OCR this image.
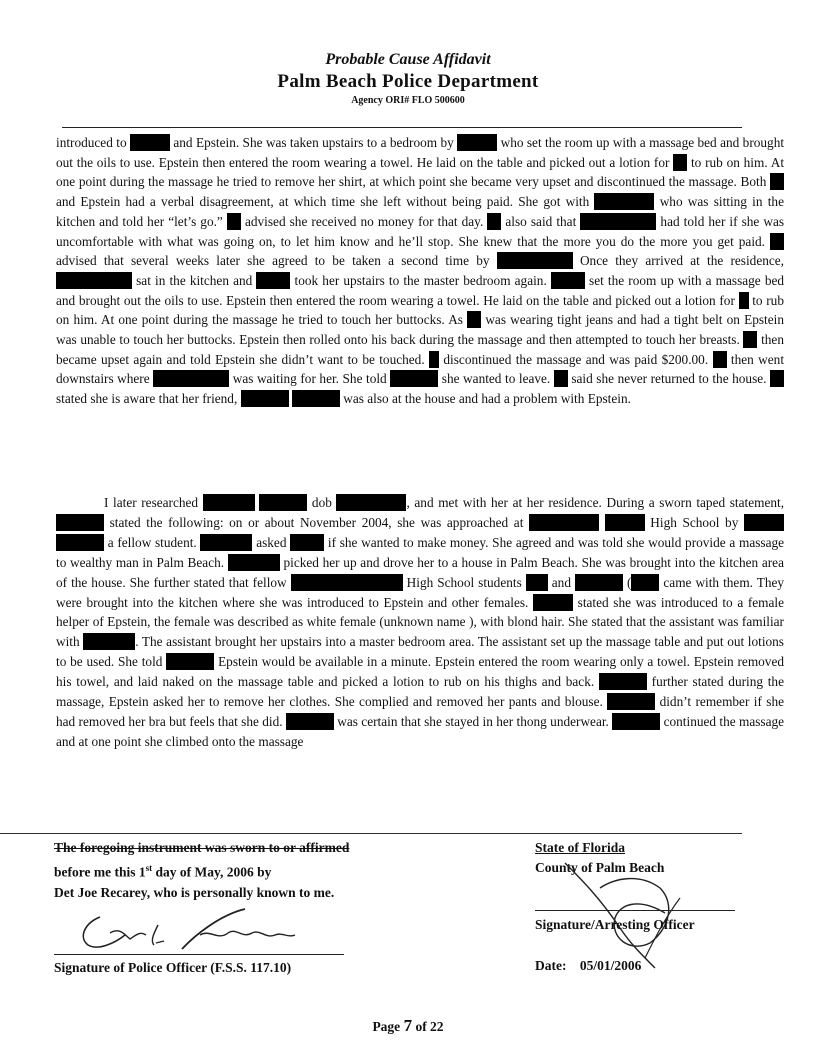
Probable Cause Affidavit
Palm Beach Police Department
Agency ORI# FLO 500600

introduced to	and Epstein. She was taken upstairs to a bedroom by	who set the room up with a massage bed and brought out the oils to use. Epstein then entered the room wearing a towel. He laid on the table and picked out a lotion for to rub on him. At one point during the massage he tried to remove her shirt, at which point she became very upset and discontinued the massage. Both  and Epstein had a verbal disagreement, at which time she left without being paid. She got with	who was sitting in the kitchen and told her “let’s go.” advised she received no money for that day. also said that	had told her if she was uncomfortable with what was going on, to let him know and he’ll stop. She knew that the more you do the more you get paid.  advised that several weeks later she agreed to be taken a second time by	Once they arrived at the residence,  sat in the kitchen and	took her upstairs to the master bedroom again.	set the room up with a massage bed and brought out the oils to use. Epstein then entered the room wearing a towel. He laid on the table and picked out a lotion for to rub on him. At one point during the massage he tried to touch her buttocks. As was wearing tight jeans and had a tight belt on Epstein was unable to touch her buttocks. Epstein then rolled onto his back during the massage and then attempted to touch her breasts. then became upset again and told Epstein she didn’t want to be touched. discontinued the massage and was paid $200.00. then went downstairs where	was waiting for her. She told	she wanted to leave. said she never returned to the house.  stated she is aware that her friend,	was also at the house and had a problem with Epstein.

I later researched	dob	, and met with her at her residence. During a sworn taped statement,  stated the following: on or about November 2004, she was approached at	High School by   a fellow student.	asked	if she wanted to make money. She agreed and was told she would provide a massage to wealthy man in Palm Beach.	picked her up and drove her to a house in Palm Beach. She was brought into the kitchen area of the house. She further stated that fellow	High School students and	( came with them. They were brought into the kitchen where she was introduced to Epstein and other females.	stated she was introduced to a female helper of Epstein, the female was described as white female (unknown name ), with blond hair. She stated that the assistant was familiar with	. The assistant brought her upstairs into a master bedroom area. The assistant set up the massage table and put out lotions to be used. She told	Epstein would be available in a minute. Epstein entered the room wearing only a towel. Epstein removed his towel, and laid naked on the massage table and picked a lotion to rub on his thighs and back.	further stated during the massage, Epstein asked her to remove her clothes. She complied and removed her pants and blouse.	didn’t remember if she had removed her bra but feels that she did.	was certain that she stayed in her thong underwear.	continued the massage and at one point she climbed onto the massage

The foregoing instrument was sworn to or affirmed
before me this 1st day of May, 2006 by
Det Joe Recarey, who is personally known to me.
State of Florida
County of Palm Beach
Signature/Arresting Officer
Date: 05/01/2006
Signature of Police Officer (F.S.S. 117.10)
Page 7 of 22
